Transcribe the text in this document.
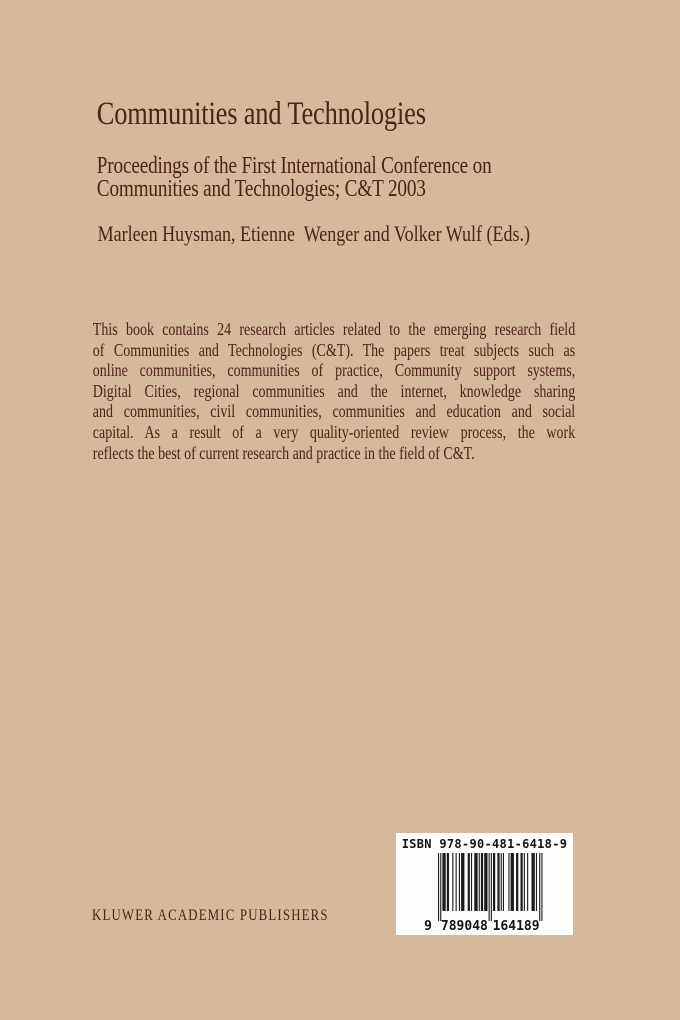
Communities and Technologies
Proceedings of the First International Conference on
Communities and Technologies; C&T 2003
Marleen Huysman, Etienne  Wenger and Volker Wulf (Eds.)
This book contains 24 research articles related to the emerging research field
of Communities and Technologies (C&T). The papers treat subjects such as
online communities, communities of practice, Community support systems,
Digital Cities, regional communities and the internet, knowledge sharing
and communities, civil communities, communities and education and social
capital. As a result of a very quality-oriented review process, the work
reflects the best of current research and practice in the field of C&T.
KLUWER ACADEMIC PUBLISHERS
ISBN 978-90-481-6418-9
9 789048 164189
